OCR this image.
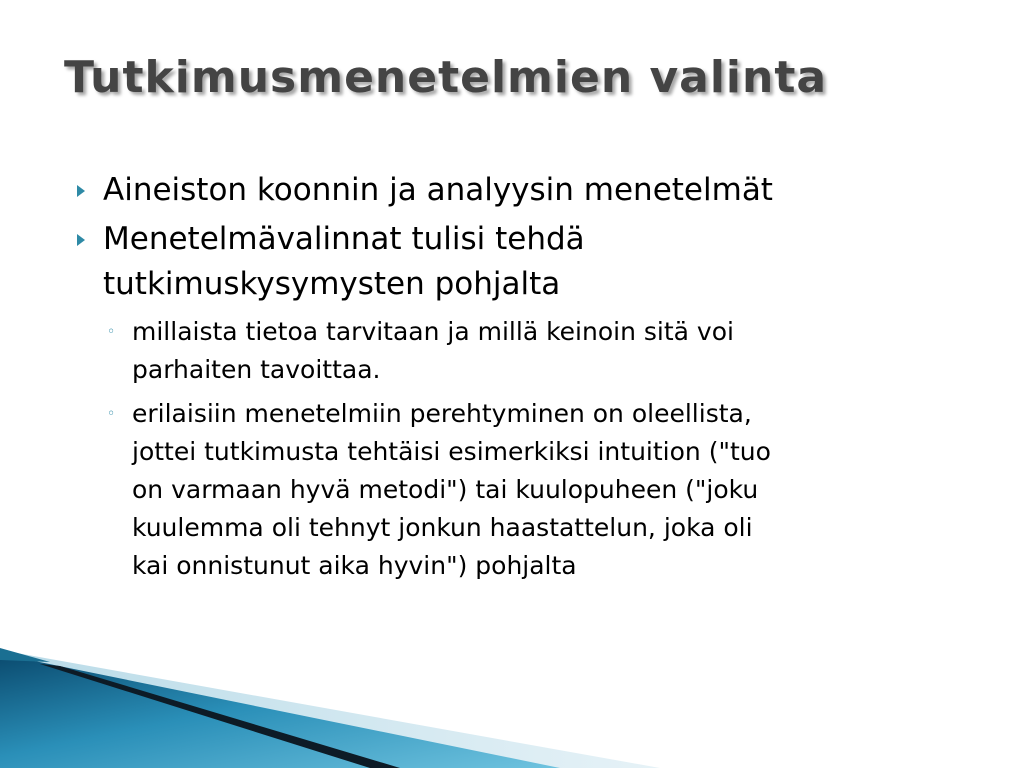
Tutkimusmenetelmien valinta
Aineiston koonnin ja analyysin menetelmät
Menetelmävalinnat tulisi tehdä
tutkimuskysymysten pohjalta
◦ millaista tietoa tarvitaan ja millä keinoin sitä voi
parhaiten tavoittaa.
◦ erilaisiin menetelmiin perehtyminen on oleellista,
jottei tutkimusta tehtäisi esimerkiksi intuition ("tuo
on varmaan hyvä metodi") tai kuulopuheen ("joku
kuulemma oli tehnyt jonkun haastattelun, joka oli
kai onnistunut aika hyvin") pohjalta
